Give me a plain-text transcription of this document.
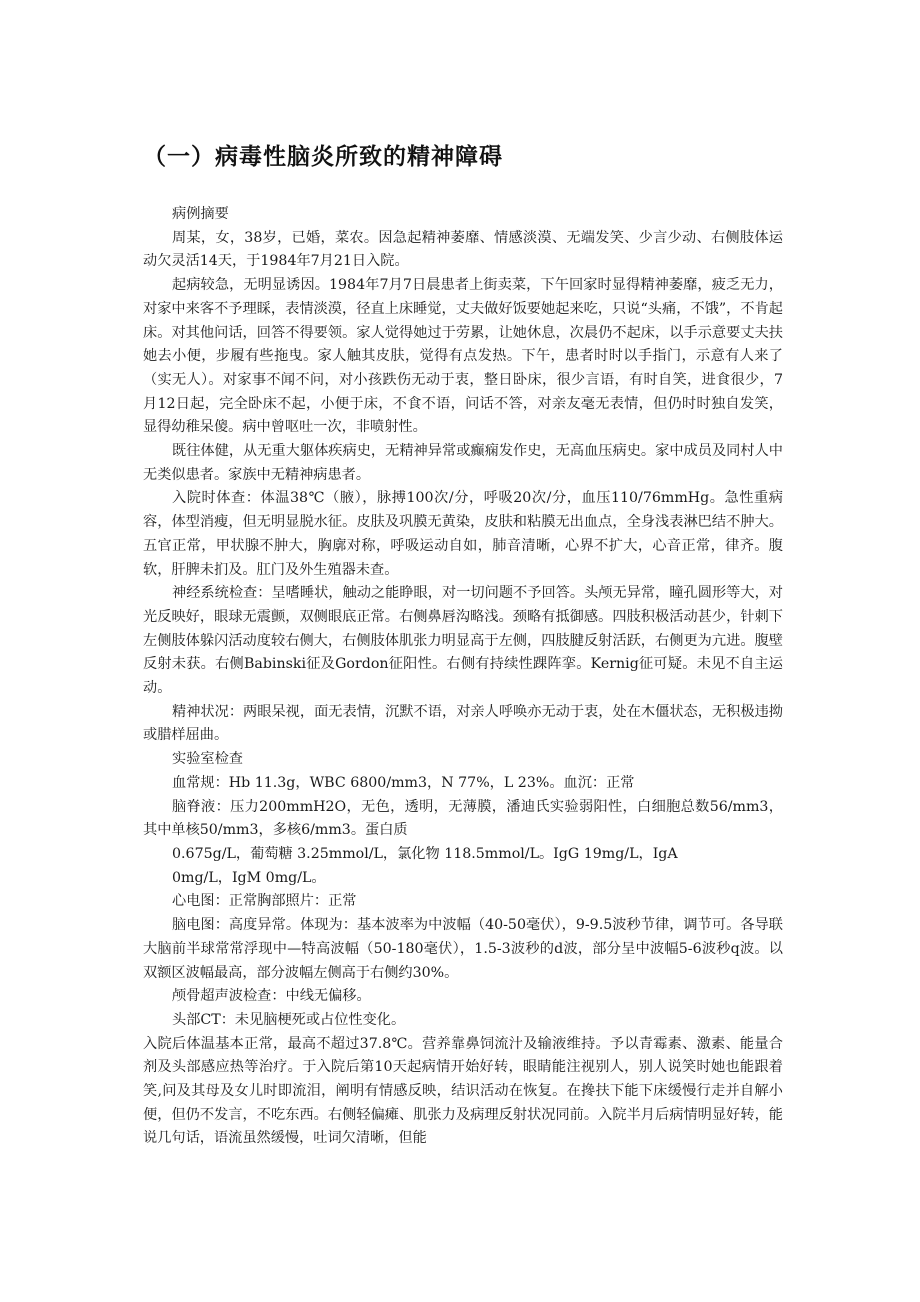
（一）病毒性脑炎所致的精神障碍

病例摘要

周某，女，38岁，已婚，菜农。因急起精神萎靡、情感淡漠、无端发笑、少言少动、右侧肢体运动欠灵活14天，于1984年7月21日入院。

起病较急，无明显诱因。1984年7月7日晨患者上街卖菜，下午回家时显得精神萎靡，疲乏无力，对家中来客不予理睬，表情淡漠，径直上床睡觉，丈夫做好饭要她起来吃，只说“头痛，不饿”，不肯起床。对其他问话，回答不得要领。家人觉得她过于劳累，让她休息，次晨仍不起床，以手示意要丈夫扶她去小便，步履有些拖曳。家人触其皮肤，觉得有点发热。下午，患者时时以手指门，示意有人来了（实无人）。对家事不闻不问，对小孩跌伤无动于衷，整日卧床，很少言语，有时自笑，进食很少，7月12日起，完全卧床不起，小便于床，不食不语，问话不答，对亲友毫无表情，但仍时时独自发笑，显得幼稚呆傻。病中曾呕吐一次，非喷射性。

既往体健，从无重大躯体疾病史，无精神异常或癫痫发作史，无高血压病史。家中成员及同村人中无类似患者。家族中无精神病患者。

入院时体查：体温38℃（腋），脉搏100次/分，呼吸20次/分，血压110/76mmHg。急性重病容，体型消瘦，但无明显脱水征。皮肤及巩膜无黄染，皮肤和粘膜无出血点，全身浅表淋巴结不肿大。五官正常，甲状腺不肿大，胸廓对称，呼吸运动自如，肺音清晰，心界不扩大，心音正常，律齐。腹软，肝脾未扪及。肛门及外生殖器未查。

神经系统检查：呈嗜睡状，触动之能睁眼，对一切问题不予回答。头颅无异常，瞳孔圆形等大，对光反映好，眼球无震颤，双侧眼底正常。右侧鼻唇沟略浅。颈略有抵御感。四肢积极活动甚少，针刺下左侧肢体躲闪活动度较右侧大，右侧肢体肌张力明显高于左侧，四肢腱反射活跃，右侧更为亢进。腹壁反射未获。右侧Babinski征及Gordon征阳性。右侧有持续性踝阵挛。Kernig征可疑。未见不自主运动。

精神状况：两眼呆视，面无表情，沉默不语，对亲人呼唤亦无动于衷，处在木僵状态，无积极违拗或腊样屈曲。

实验室检查

血常规：Hb 11.3g，WBC 6800/mm3，N 77%，L 23%。血沉：正常

脑脊液：压力200mmH2O，无色，透明，无薄膜，潘迪氏实验弱阳性，白细胞总数56/mm3，其中单核50/mm3，多核6/mm3。蛋白质

0.675g/L，葡萄糖 3.25mmol/L，氯化物 118.5mmol/L。IgG 19mg/L，IgA

0mg/L，IgM 0mg/L。

心电图：正常胸部照片：正常

脑电图：高度异常。体现为：基本波率为中波幅（40-50毫伏），9-9.5波秒节律，调节可。各导联大脑前半球常常浮现中—特高波幅（50-180毫伏），1.5-3波秒的d波，部分呈中波幅5-6波秒q波。以双额区波幅最高，部分波幅左侧高于右侧约30%。

颅骨超声波检查：中线无偏移。

头部CT：未见脑梗死或占位性变化。

入院后体温基本正常，最高不超过37.8℃。营养靠鼻饲流汁及输液维持。予以青霉素、激素、能量合剂及头部感应热等治疗。于入院后第10天起病情开始好转，眼睛能注视别人，别人说笑时她也能跟着笑,问及其母及女儿时即流泪，阐明有情感反映，结识活动在恢复。在搀扶下能下床缓慢行走并自解小便，但仍不发言，不吃东西。右侧轻偏瘫、肌张力及病理反射状况同前。入院半月后病情明显好转，能说几句话，语流虽然缓慢，吐词欠清晰，但能
